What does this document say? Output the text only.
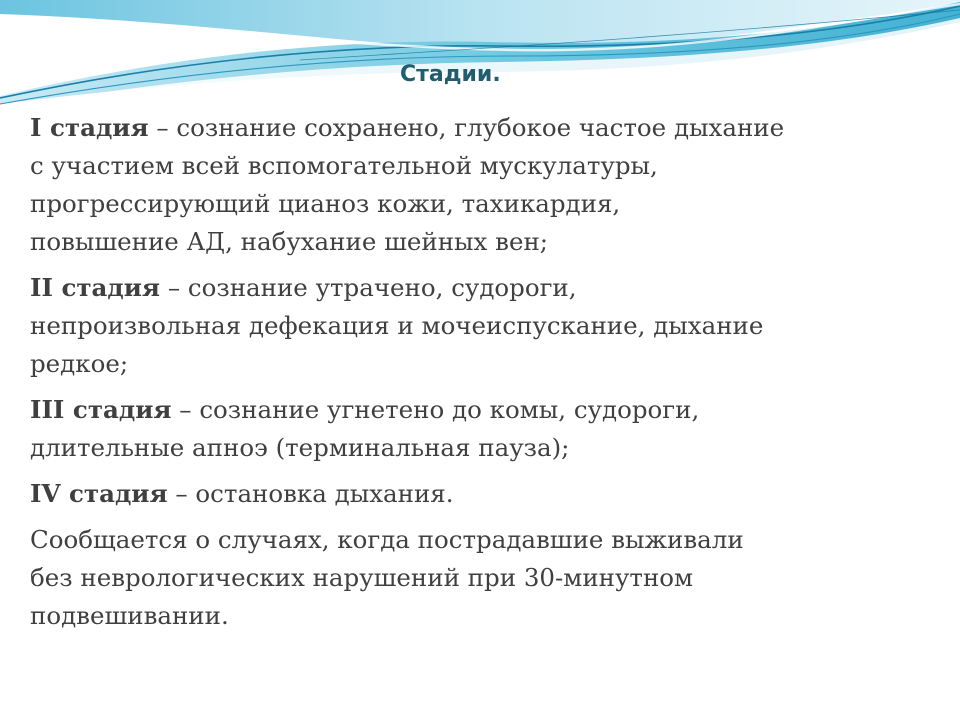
Стадии.
I стадия – сознание сохранено, глубокое частое дыхание
с участием всей вспомогательной мускулатуры,
прогрессирующий цианоз кожи, тахикардия,
повышение АД, набухание шейных вен;
II стадия – сознание утрачено, судороги,
непроизвольная дефекация и мочеиспускание, дыхание
редкое;
III стадия – сознание угнетено до комы, судороги,
длительные апноэ (терминальная пауза);
IV стадия – остановка дыхания.
Сообщается о случаях, когда пострадавшие выживали
без неврологических нарушений при 30-минутном
подвешивании.
